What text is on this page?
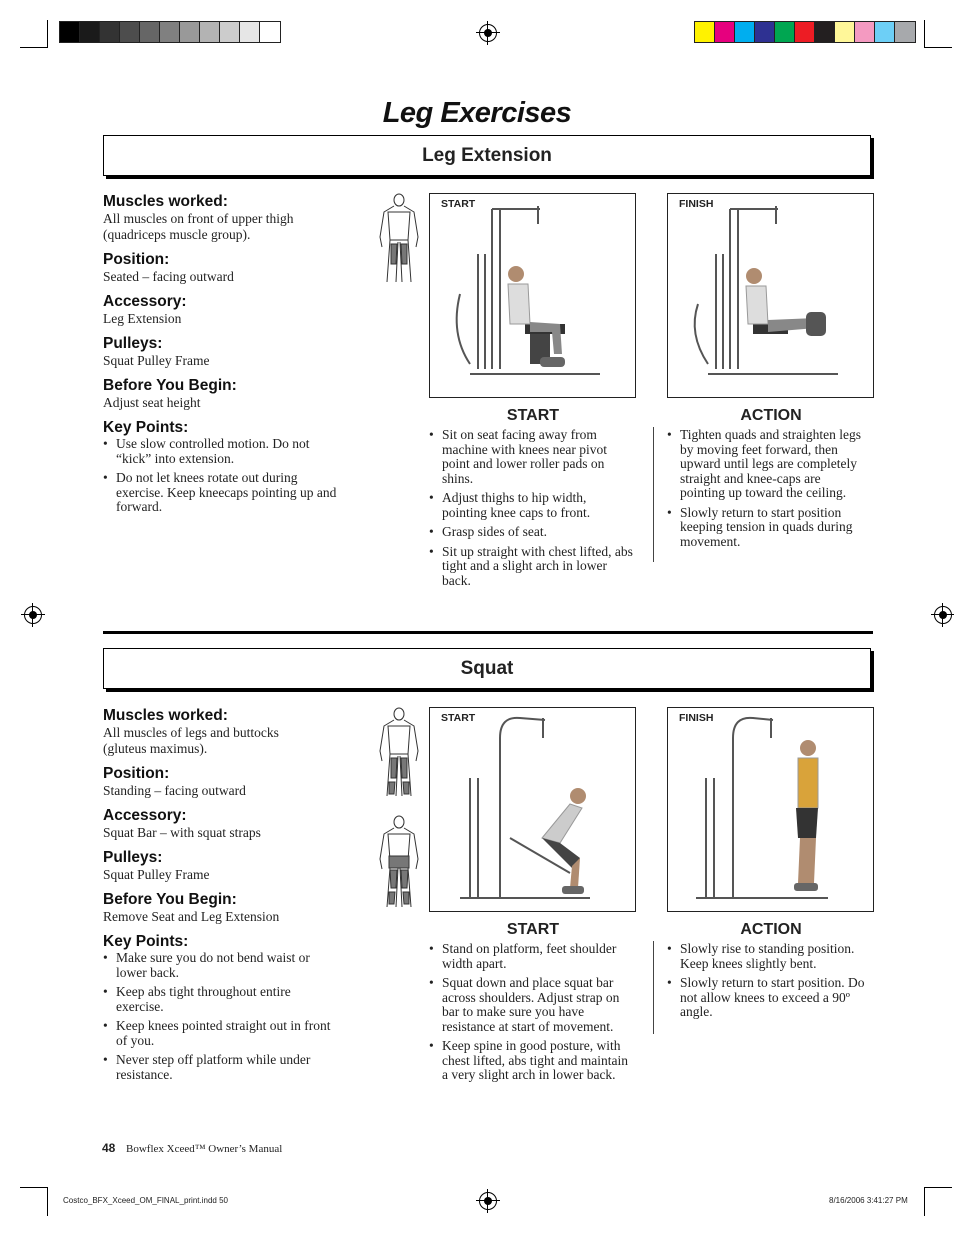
Leg Exercises
Leg Extension

Muscles worked:

All muscles on front of upper thigh (quadriceps muscle group).

Position:

Seated – facing outward

Accessory:

Leg Extension

Pulleys:

Squat Pulley Frame

Before You Begin:

Adjust seat height

Key Points:

• Use slow controlled motion. Do not “kick” into extension.
• Do not let knees rotate out during exercise. Keep kneecaps pointing up and forward.
START	FINISH
START
• Sit on seat facing away from machine with knees near pivot point and lower roller pads on shins.
• Adjust thighs to hip width, pointing knee caps to front.
• Grasp sides of seat.
• Sit up straight with chest lifted, abs tight and a slight arch in lower back.
ACTION
• Tighten quads and straighten legs by moving feet forward, then upward until legs are completely straight and knee-caps are pointing up toward the ceiling.
• Slowly return to start position keeping tension in quads during movement.
Squat

Muscles worked:

All muscles of legs and buttocks (gluteus maximus).

Position:

Standing – facing outward

Accessory:

Squat Bar – with squat straps

Pulleys:

Squat Pulley Frame

Before You Begin:

Remove Seat and Leg Extension

Key Points:

• Make sure you do not bend waist or lower back.
• Keep abs tight throughout entire exercise.
• Keep knees pointed straight out in front of you.
• Never step off platform while under resistance.
START	FINISH
START
• Stand on platform, feet shoulder width apart.
• Squat down and place squat bar across shoulders. Adjust strap on bar to make sure you have resistance at start of movement.
• Keep spine in good posture, with chest lifted, abs tight and maintain a very slight arch in lower back.
ACTION
• Slowly rise to standing position. Keep knees slightly bent.
• Slowly return to start position. Do not allow knees to exceed a 90º angle.
48 Bowflex Xceed™ Owner’s Manual
Costco_BFX_Xceed_OM_FINAL_print.indd 50	8/16/2006 3:41:27 PM
